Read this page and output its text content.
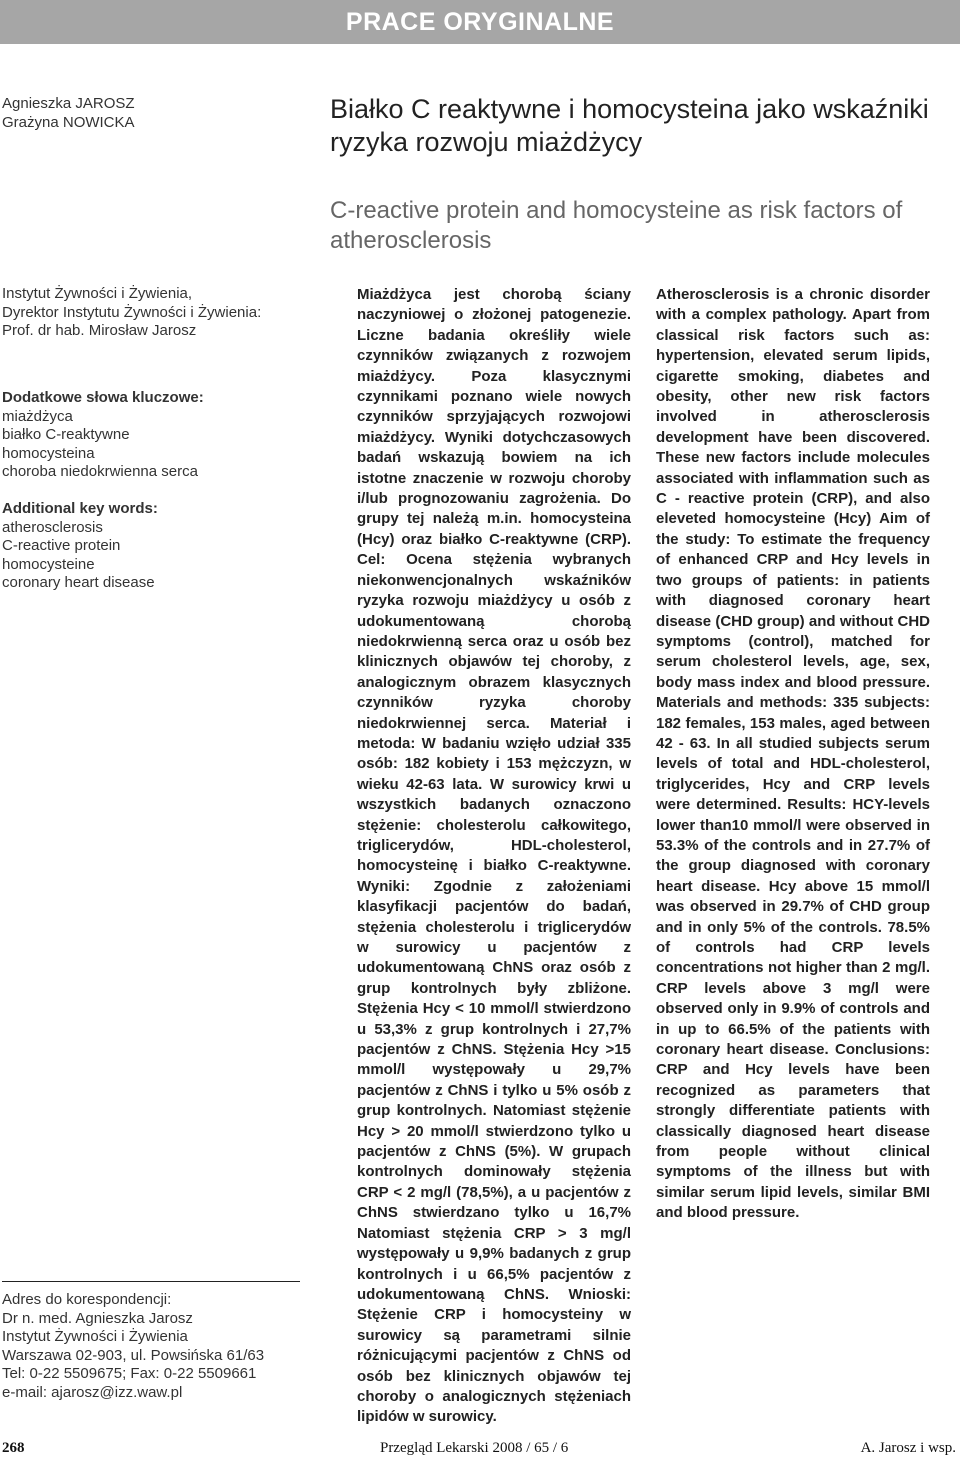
PRACE ORYGINALNE
Agnieszka JAROSZ
Grażyna NOWICKA	Białko C reaktywne i homocysteina jako wskaźniki ryzyka rozwoju miażdżycy
C-reactive protein and homocysteine as risk factors of atherosclerosis
Instytut Żywności i Żywienia,
Dyrektor Instytutu Żywności i Żywienia:
Prof. dr hab. Mirosław Jarosz
Dodatkowe słowa kluczowe:
miażdżyca
białko C-reaktywne
homocysteina
choroba niedokrwienna serca
Additional key words:
atherosclerosis
C-reactive protein
homocysteine
coronary heart disease
Adres do korespondencji:
Dr n. med. Agnieszka Jarosz
Instytut Żywności i Żywienia
Warszawa 02-903, ul. Powsińska 61/63
Tel: 0-22 5509675; Fax: 0-22 5509661
e-mail: ajarosz@izz.waw.pl
Miażdżyca jest chorobą ściany naczyniowej o złożonej patogenezie. Liczne badania określiły wiele czynników związanych z rozwojem miażdżycy. Poza klasycznymi czynnikami poznano wiele nowych czynników sprzyjających rozwojowi miażdżycy. Wyniki dotychczasowych badań wskazują bowiem na ich istotne znaczenie w rozwoju choroby i/lub prognozowaniu zagrożenia. Do grupy tej należą m.in. homocysteina (Hcy) oraz białko C-reaktywne (CRP). Cel: Ocena stężenia wybranych niekonwencjonalnych wskaźników ryzyka rozwoju miażdżycy u osób z udokumentowaną chorobą niedokrwienną serca oraz u osób bez klinicznych objawów tej choroby, z analogicznym obrazem klasycznych czynników ryzyka choroby niedokrwiennej serca. Materiał i metoda: W badaniu wzięło udział 335 osób: 182 kobiety i 153 mężczyzn, w wieku 42-63 lata. W surowicy krwi u wszystkich badanych oznaczono stężenie: cholesterolu całkowitego, triglicerydów, HDL-cholesterol, homocysteinę i białko C-reaktywne. Wyniki: Zgodnie z założeniami klasyfikacji pacjentów do badań, stężenia cholesterolu i triglicerydów w surowicy u pacjentów z udokumentowaną ChNS oraz osób z grup kontrolnych były zbliżone. Stężenia Hcy < 10 mmol/l stwierdzono u 53,3% z grup kontrolnych i 27,7% pacjentów z ChNS. Stężenia Hcy >15 mmol/l występowały u 29,7% pacjentów z ChNS i tylko u 5% osób z grup kontrolnych. Natomiast stężenie Hcy > 20 mmol/l stwierdzono tylko u pacjentów z ChNS (5%). W grupach kontrolnych dominowały stężenia CRP < 2 mg/l (78,5%), a u pacjentów z ChNS stwierdzano tylko u 16,7% Natomiast stężenia CRP > 3 mg/l występowały u 9,9% badanych z grup kontrolnych i u 66,5% pacjentów z udokumentowaną ChNS. Wnioski: Stężenie CRP i homocysteiny w surowicy są parametrami silnie różnicującymi pacjentów z ChNS od osób bez klinicznych objawów tej choroby o analogicznych stężeniach lipidów w surowicy.
Atherosclerosis is a chronic disorder with a complex pathology. Apart from classical risk factors such as: hypertension, elevated serum lipids, cigarette smoking, diabetes and obesity, other new risk factors involved in atherosclerosis development have been discovered. These new factors include molecules associated with inflammation such as C - reactive protein (CRP), and also eleveted homocysteine (Hcy) Aim of the study: To estimate the frequency of enhanced CRP and Hcy levels in two groups of patients: in patients with diagnosed coronary heart disease (CHD group) and without CHD symptoms (control), matched for serum cholesterol levels, age, sex, body mass index and blood pressure. Materials and methods: 335 subjects: 182 females, 153 males, aged between 42 - 63. In all studied subjects serum levels of total and HDL-cholesterol, triglycerides, Hcy and CRP levels were determined. Results: HCY-levels lower than10 mmol/l were observed in 53.3% of the controls and in 27.7% of the group diagnosed with coronary heart disease. Hcy above 15 mmol/l was observed in 29.7% of CHD group and in only 5% of the controls. 78.5% of controls had CRP levels concentrations not higher than 2 mg/l. CRP levels above 3 mg/l were observed only in 9.9% of controls and in up to 66.5% of the patients with coronary heart disease. Conclusions: CRP and Hcy levels have been recognized as parameters that strongly differentiate patients with classically diagnosed heart disease from people without clinical symptoms of the illness but with similar serum lipid levels, similar BMI and blood pressure.
268	Przegląd Lekarski 2008 / 65 / 6	A. Jarosz i wsp.
